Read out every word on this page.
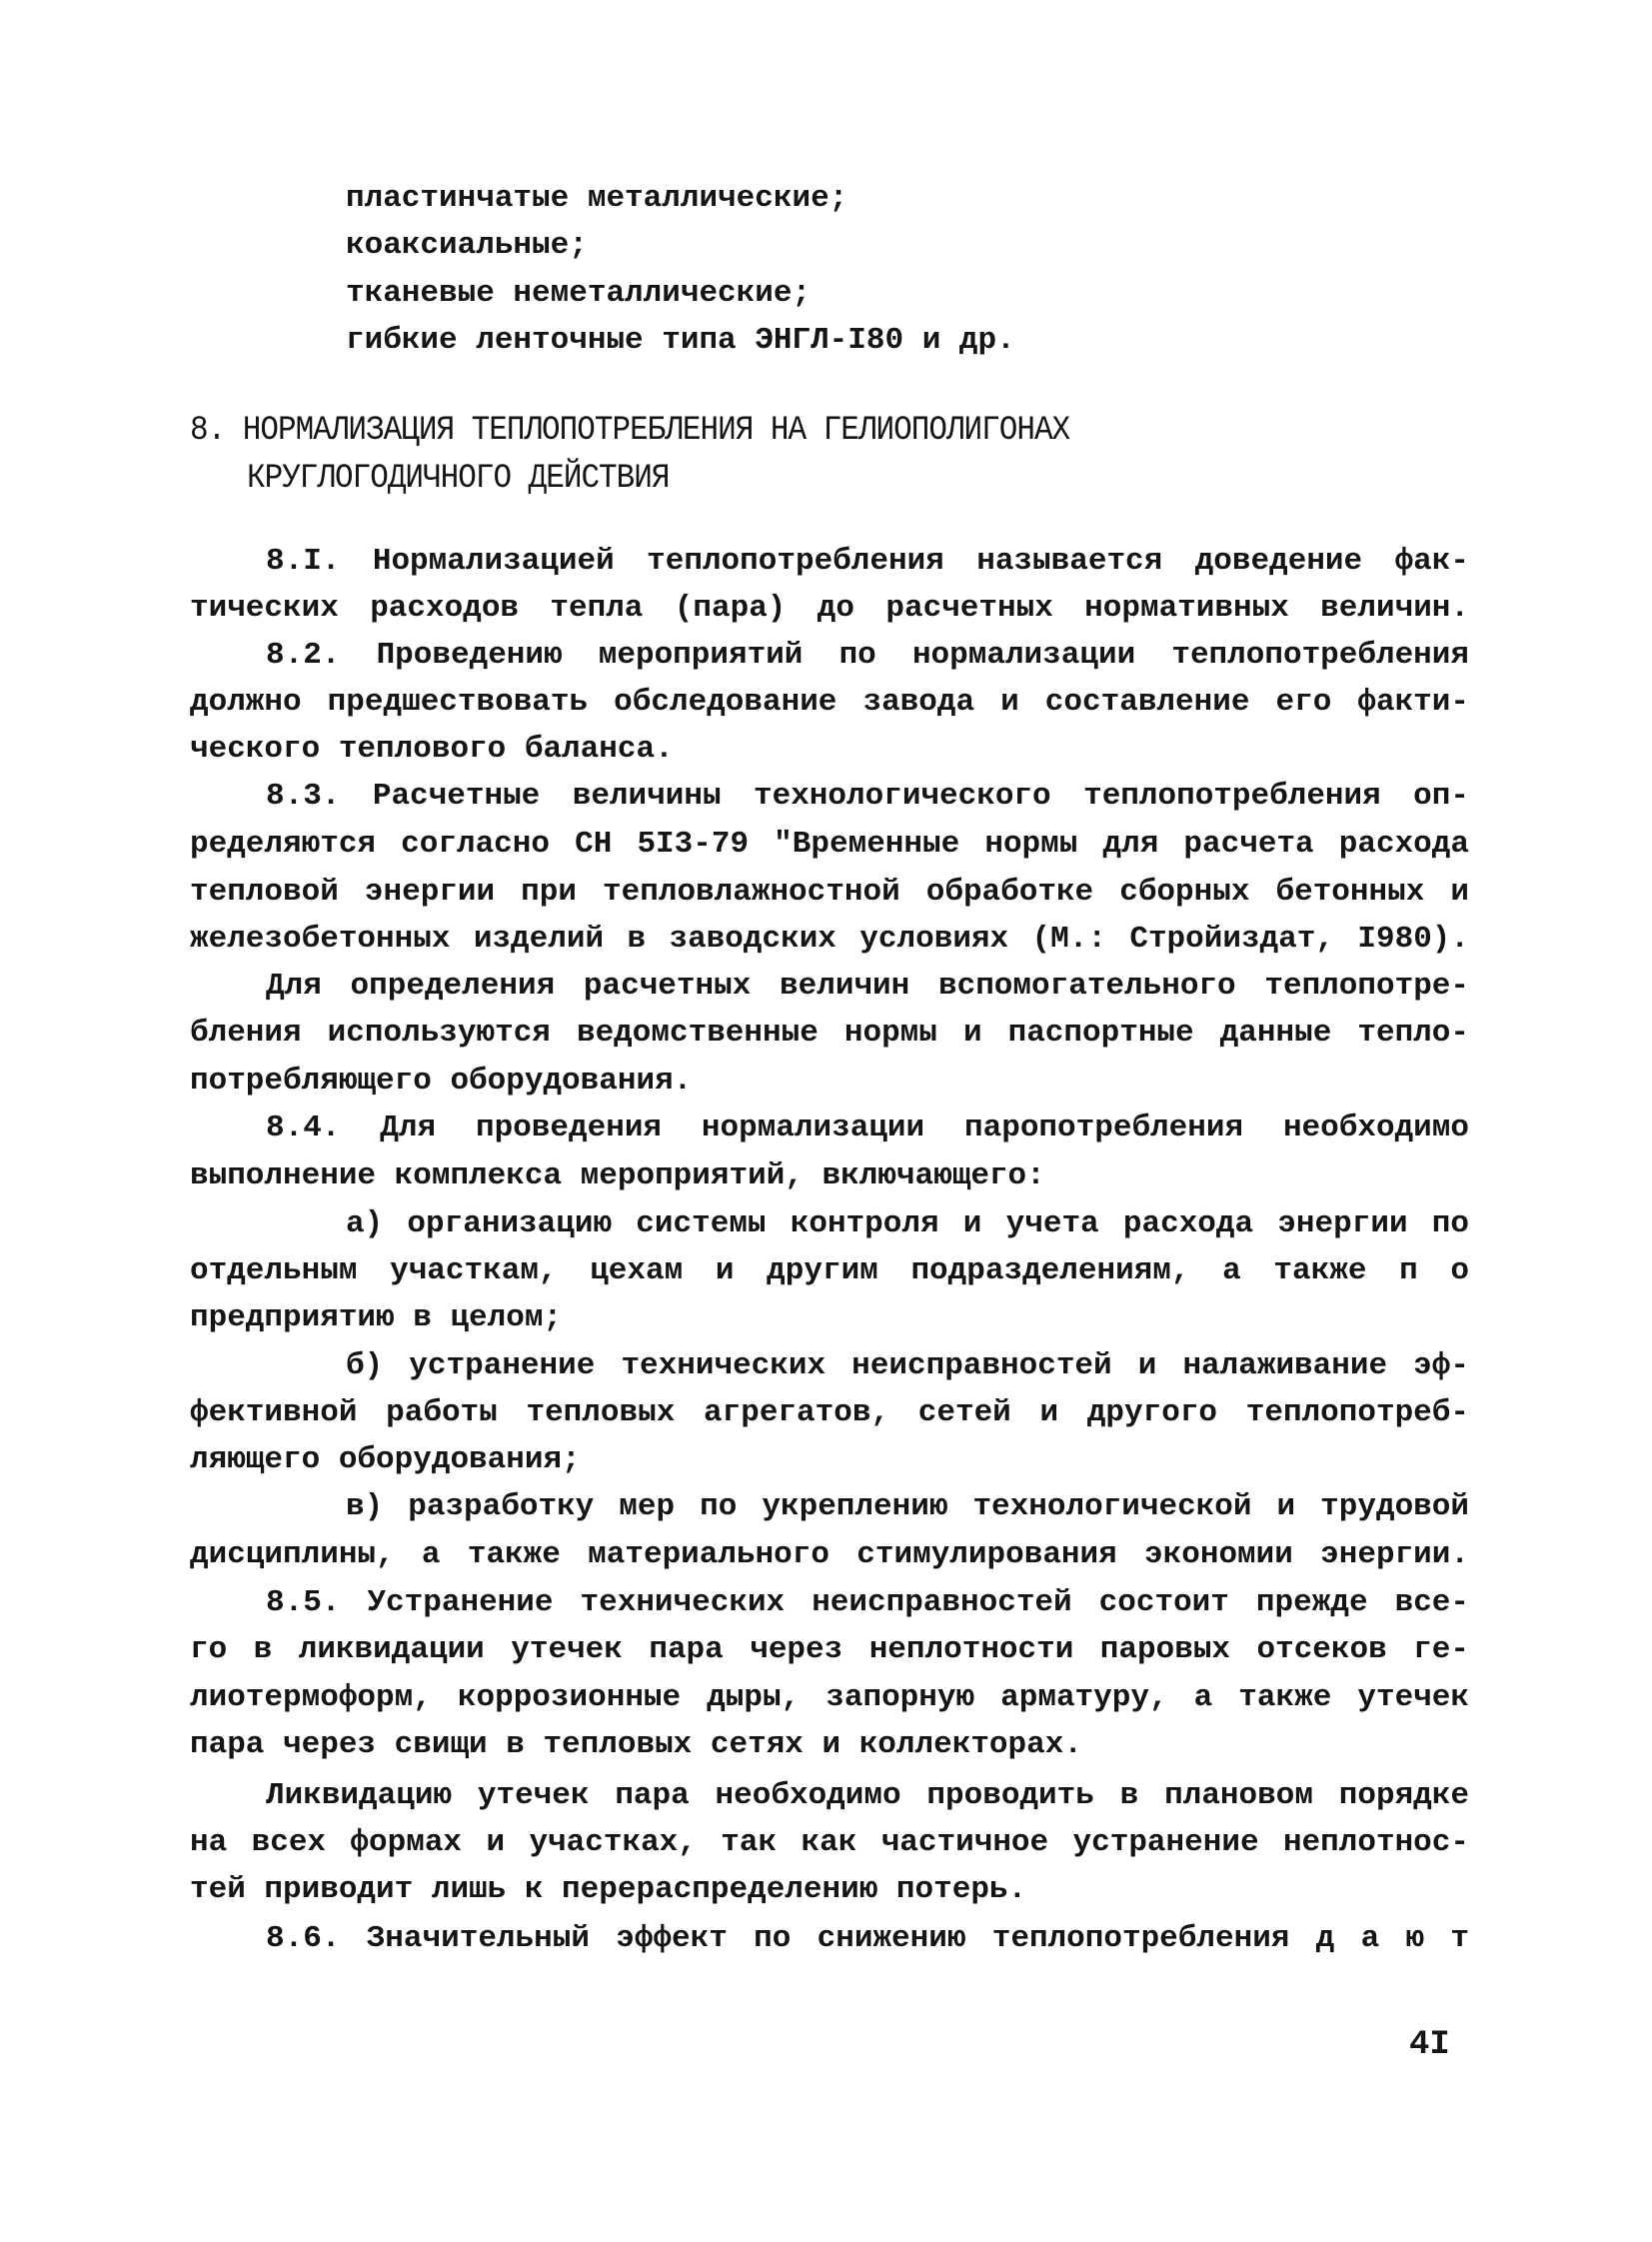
пластинчатые металлические;
коаксиальные;
тканевые неметаллические;
гибкие ленточные типа ЭНГЛ-I80 и др.
8. НОРМАЛИЗАЦИЯ ТЕПЛОПОТРЕБЛЕНИЯ НА ГЕЛИОПОЛИГОНАХ
КРУГЛОГОДИЧНОГО ДЕЙСТВИЯ
8.I. Нормализацией теплопотребления называется доведение фак-
тических расходов тепла (пара) до расчетных нормативных величин.
8.2. Проведению мероприятий по нормализации теплопотребления
должно предшествовать обследование завода и составление его факти-
ческого теплового баланса.
8.3. Расчетные величины технологического теплопотребления оп-
ределяются согласно СН 5I3-79 "Временные нормы для расчета расхода
тепловой энергии при тепловлажностной обработке сборных бетонных и
железобетонных изделий в заводских условиях (М.: Стройиздат, I980).
Для определения расчетных величин вспомогательного теплопотре-
бления используются ведомственные нормы и паспортные данные тепло-
потребляющего оборудования.
8.4. Для проведения нормализации паропотребления необходимо
выполнение комплекса мероприятий, включающего:
а) организацию системы контроля и учета расхода энергии по
отдельным участкам, цехам и другим подразделениям, а также п о
предприятию в целом;
б) устранение технических неисправностей и налаживание эф-
фективной работы тепловых агрегатов, сетей и другого теплопотреб-
ляющего оборудования;
в) разработку мер по укреплению технологической и трудовой
дисциплины, а также материального стимулирования экономии энергии.
8.5. Устранение технических неисправностей состоит прежде все-
го в ликвидации утечек пара через неплотности паровых отсеков ге-
лиотермоформ, коррозионные дыры, запорную арматуру, а также утечек
пара через свищи в тепловых сетях и коллекторах.
Ликвидацию утечек пара необходимо проводить в плановом порядке
на всех формах и участках, так как частичное устранение неплотнос-
тей приводит лишь к перераспределению потерь.
8.6. Значительный эффект по снижению теплопотребления д а ю т
4I
